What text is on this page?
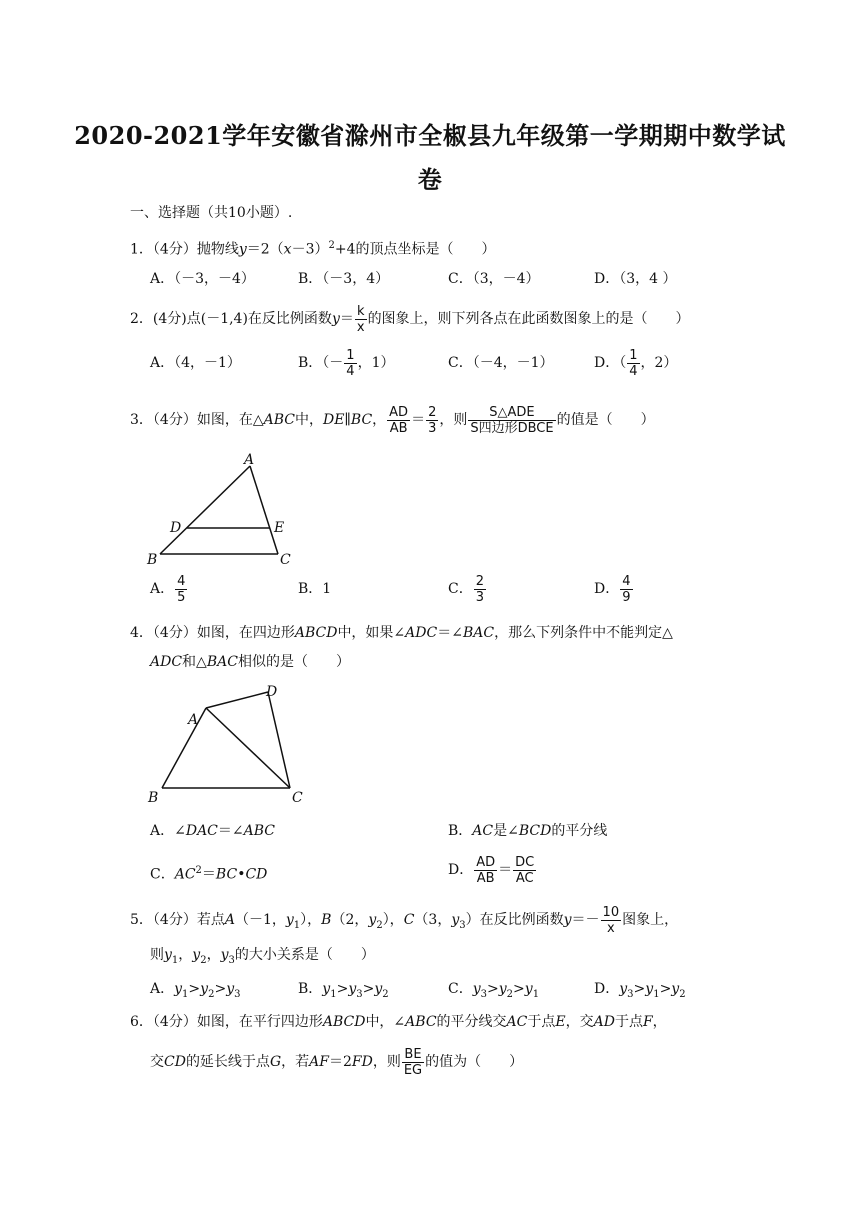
2020-2021学年安徽省滁州市全椒县九年级第一学期期中数学试
卷
一、选择题（共10小题）.
1．（4分）抛物线$y=2(x-3)^2+4$的顶点坐标是（　　）
A．（－3，－4）	B．（－3，4）	C．（3，－4）	D．（3，4 ）
2．(4分)点(－1,4)在反比例函数$y= \frac{k}{x}$ 的图象上，则下列各点在此函数图象上的是（　　）
A．（4，－1）	B．（－ $\frac{1}{4}$ ，1）	C．（－4，－1）	D．（ $\frac{1}{4}$ ，2）
3．（4分）如图，在△ABC中，DE∥BC， $\frac{AD}{AB} = \frac{2}{3}$ ，则 $\frac{\text{S△ADE}}{\text{S四边形DBCE}}$ 的值是（　　）
A
B	C
D	E
A． $\frac{4}{5}$	B．1	C． $\frac{2}{3}$	D． $\frac{4}{9}$
4．（4分）如图，在四边形ABCD中，如果∠ADC＝∠BAC，那么下列条件中不能判定△
ADC和△BAC相似的是（　　）
A
D
B	C
A．∠DAC＝∠ABC	B．AC是∠BCD的平分线
C．$AC^2=BC•CD$	D． $\frac{AD}{AB} = \frac{DC}{AC}$
5．（4分）若点A（－1，$y_1$），B（2，$y_2$），C（3，$y_3$）在反比例函数$y=- \frac{10}{x}$ 图象上，
则$y_1$，$y_2$，$y_3$的大小关系是（　　）
A．$y_1>y_2>y_3$	B．$y_1>y_3>y_2$	C．$y_3>y_2>y_1$	D．$y_3>y_1>y_2$
6．（4分）如图，在平行四边形ABCD中，∠ABC的平分线交AC于点E，交AD于点F，
交CD的延长线于点G，若AF＝2FD，则 $\frac{BE}{EG}$ 的值为（　　）
